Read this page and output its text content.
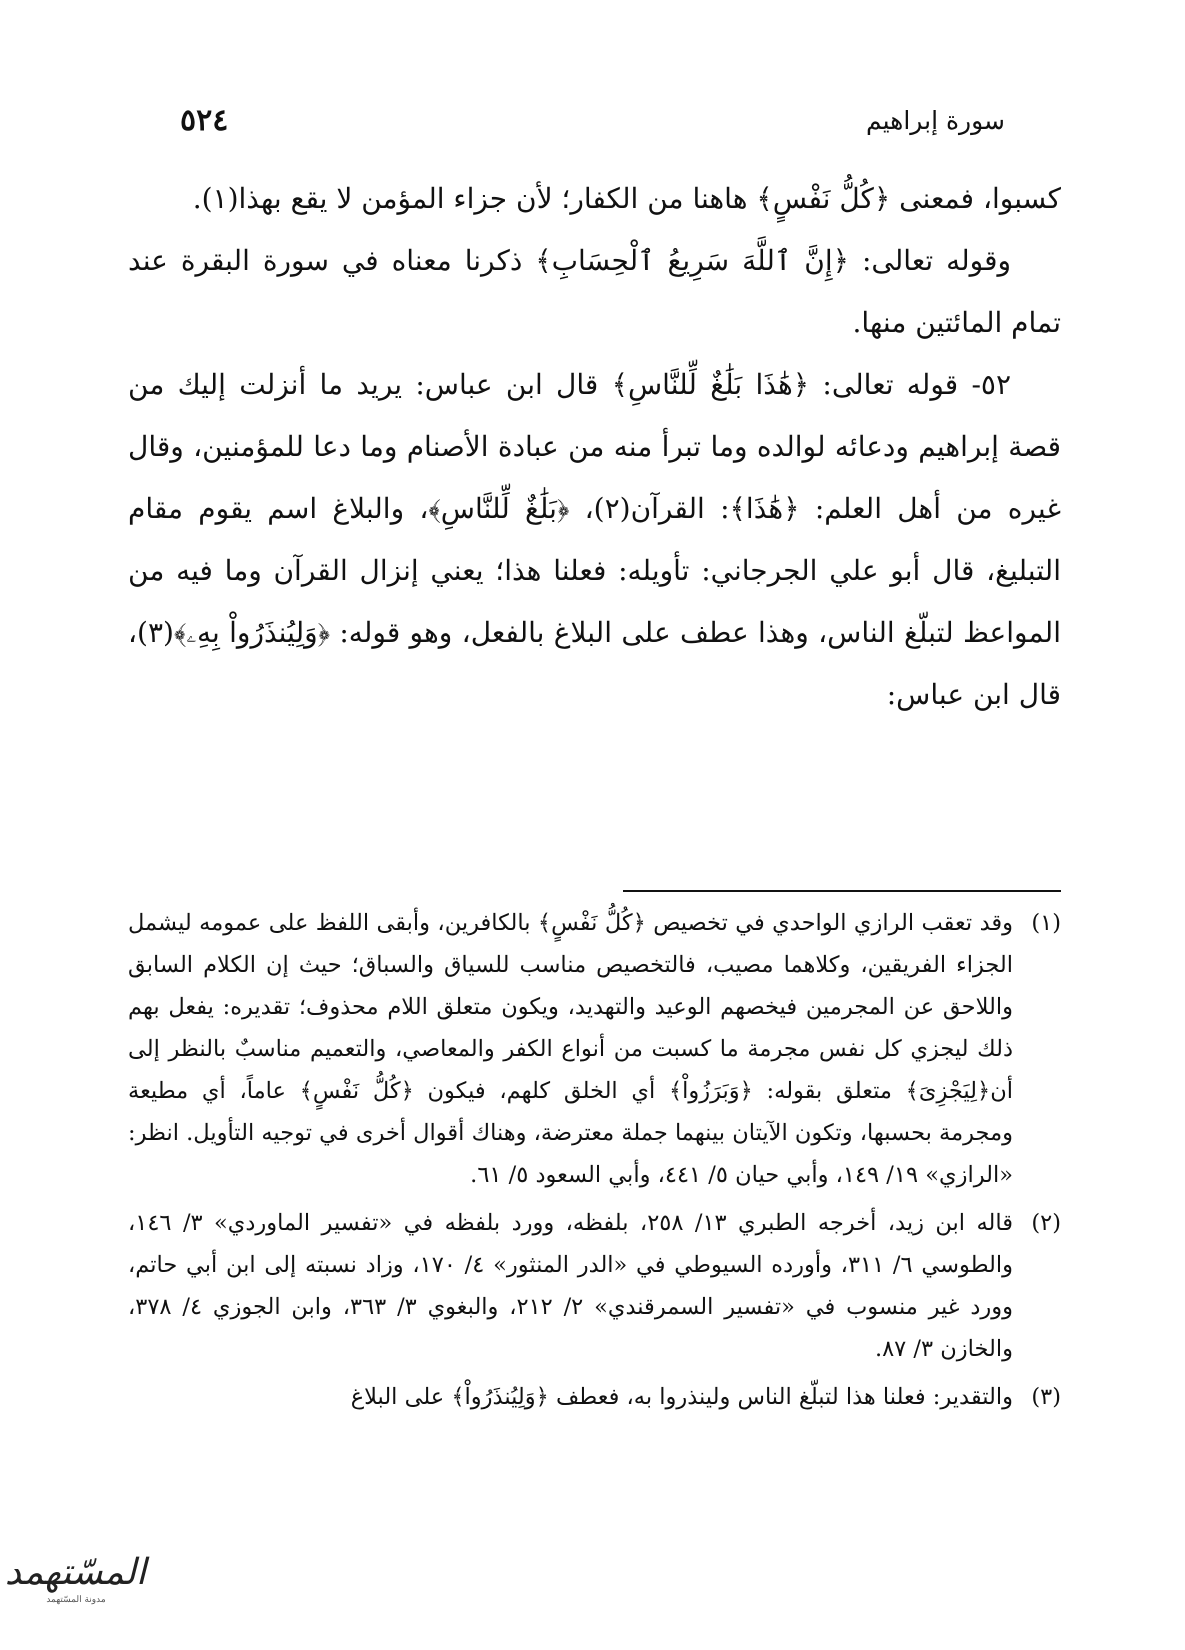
٥٢٤	سورة إبراهيم

كسبوا، فمعنى ﴿كُلُّ نَفْسٍ﴾ هاهنا من الكفار؛ لأن جزاء المؤمن لا يقع بهذا(١).

وقوله تعالى: ﴿إِنَّ ٱللَّهَ سَرِيعُ ٱلْحِسَابِ﴾ ذكرنا معناه في سورة البقرة عند تمام المائتين منها.

٥٢- قوله تعالى: ﴿هَٰذَا بَلَٰغٌ لِّلنَّاسِ﴾ قال ابن عباس: يريد ما أنزلت إليك من قصة إبراهيم ودعائه لوالده وما تبرأ منه من عبادة الأصنام وما دعا للمؤمنين، وقال غيره من أهل العلم: ﴿هَٰذَا﴾: القرآن(٢)، ﴿بَلَٰغٌ لِّلنَّاسِ﴾، والبلاغ اسم يقوم مقام التبليغ، قال أبو علي الجرجاني: تأويله: فعلنا هذا؛ يعني إنزال القرآن وما فيه من المواعظ لتبلّغ الناس، وهذا عطف على البلاغ بالفعل، وهو قوله: ﴿وَلِيُنذَرُواْ بِهِۦ﴾(٣)، قال ابن عباس:

(١)

وقد تعقب الرازي الواحدي في تخصيص ﴿كُلُّ نَفْسٍ﴾ بالكافرين، وأبقى اللفظ على عمومه ليشمل الجزاء الفريقين، وكلاهما مصيب، فالتخصيص مناسب للسياق والسباق؛ حيث إن الكلام السابق واللاحق عن المجرمين فيخصهم الوعيد والتهديد، ويكون متعلق اللام محذوف؛ تقديره: يفعل بهم ذلك ليجزي كل نفس مجرمة ما كسبت من أنواع الكفر والمعاصي، والتعميم مناسبٌ بالنظر إلى أن﴿لِيَجْزِىَ﴾ متعلق بقوله: ﴿وَبَرَزُواْ﴾ أي الخلق كلهم، فيكون ﴿كُلُّ نَفْسٍ﴾ عاماً، أي مطيعة ومجرمة بحسبها، وتكون الآيتان بينهما جملة معترضة، وهناك أقوال أخرى في توجيه التأويل. انظر: «الرازي» ١٩/ ١٤٩، وأبي حيان ٥/ ٤٤١، وأبي السعود ٥/ ٦١.

(٢)

قاله ابن زيد، أخرجه الطبري ١٣/ ٢٥٨، بلفظه، وورد بلفظه في «تفسير الماوردي» ٣/ ١٤٦، والطوسي ٦/ ٣١١، وأورده السيوطي في «الدر المنثور» ٤/ ١٧٠، وزاد نسبته إلى ابن أبي حاتم، وورد غير منسوب في «تفسير السمرقندي» ٢/ ٢١٢، والبغوي ٣/ ٣٦٣، وابن الجوزي ٤/ ٣٧٨، والخازن ٣/ ٨٧.

(٣)

والتقدير: فعلنا هذا لتبلّغ الناس ولينذروا به، فعطف ﴿وَلِيُنذَرُواْ﴾ على البلاغ

المسّتهمد
مدونة المسّتهمد
